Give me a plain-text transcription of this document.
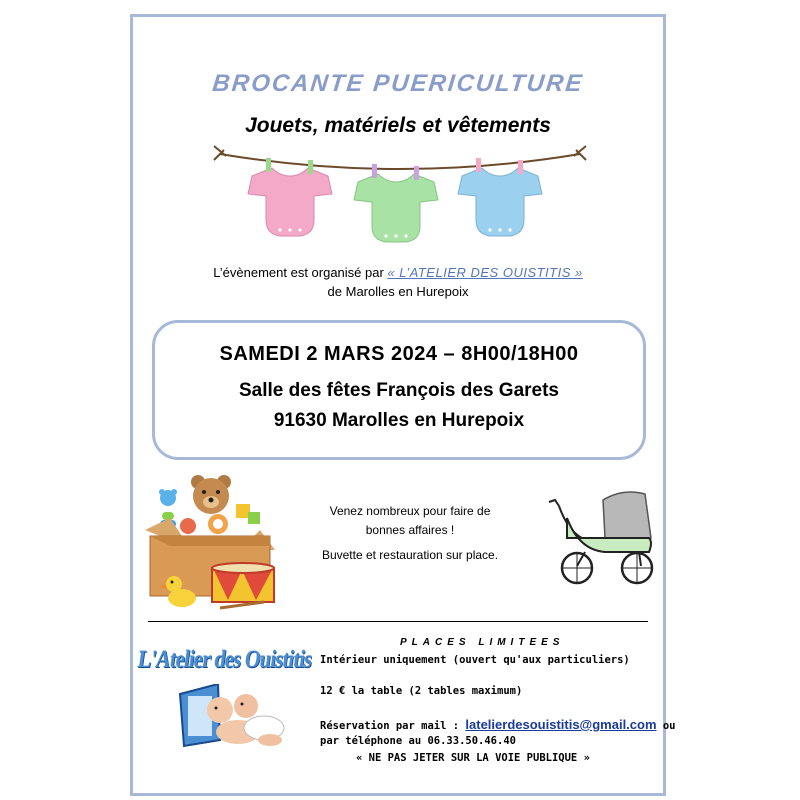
BROCANTE PUERICULTURE
Jouets, matériels et vêtements
L’évènement est organisé par « L’ATELIER DES OUISTITIS »
de Marolles en Hurepoix
SAMEDI 2 MARS 2024 – 8H00/18H00
Salle des fêtes François des Garets
91630 Marolles en Hurepoix
Venez nombreux pour faire de
bonnes affaires !
Buvette et restauration sur place.
PLACES LIMITEES
L'Atelier des Ouistitis Intérieur uniquement (ouvert qu'aux particuliers)
12 € la table (2 tables maximum)
Réservation par mail : latelierdesouistitis@gmail.com ou
par téléphone au 06.33.50.46.40
« NE PAS JETER SUR LA VOIE PUBLIQUE »
